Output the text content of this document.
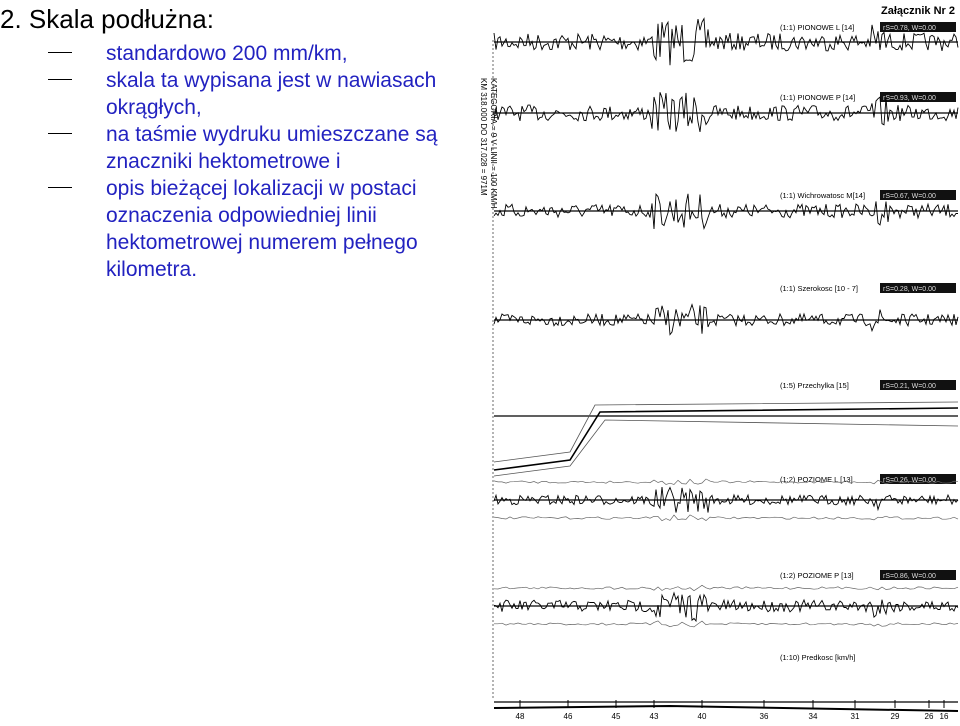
2. Skala podłużna:
standardowo 200 mm/km,
skala ta wypisana jest w nawiasach okrągłych,
na taśmie wydruku umieszczane są znaczniki hektometrowe i
opis bieżącej lokalizacji w postaci oznaczenia odpowiedniej linii hektometrowej numerem pełnego kilometra.
Załącznik Nr 2
KM 318.000 DO 317.028 = 971M KATEGORIA = 9 V LINII = 100 KM/H
(1:1) PIONOWE L [14]	rS=0.78, W=0.00
(1:1) PIONOWE P [14]	rS=0.93, W=0.00
(1:1) Wichrowatosc M[14]	rS=0.67, W=0.00
(1:1) Szerokosc [10 - 7]	rS=0.28, W=0.00
(1:5) Przechylka [15]	rS=0.21, W=0.00
(1:2) POZIOME L [13]	rS=0.26, W=0.00
(1:2) POZIOME P [13]	rS=0.86, W=0.00
(1:10) Predkosc [km/h]
48	46	45	43	40	36	34	31	29	26 16
